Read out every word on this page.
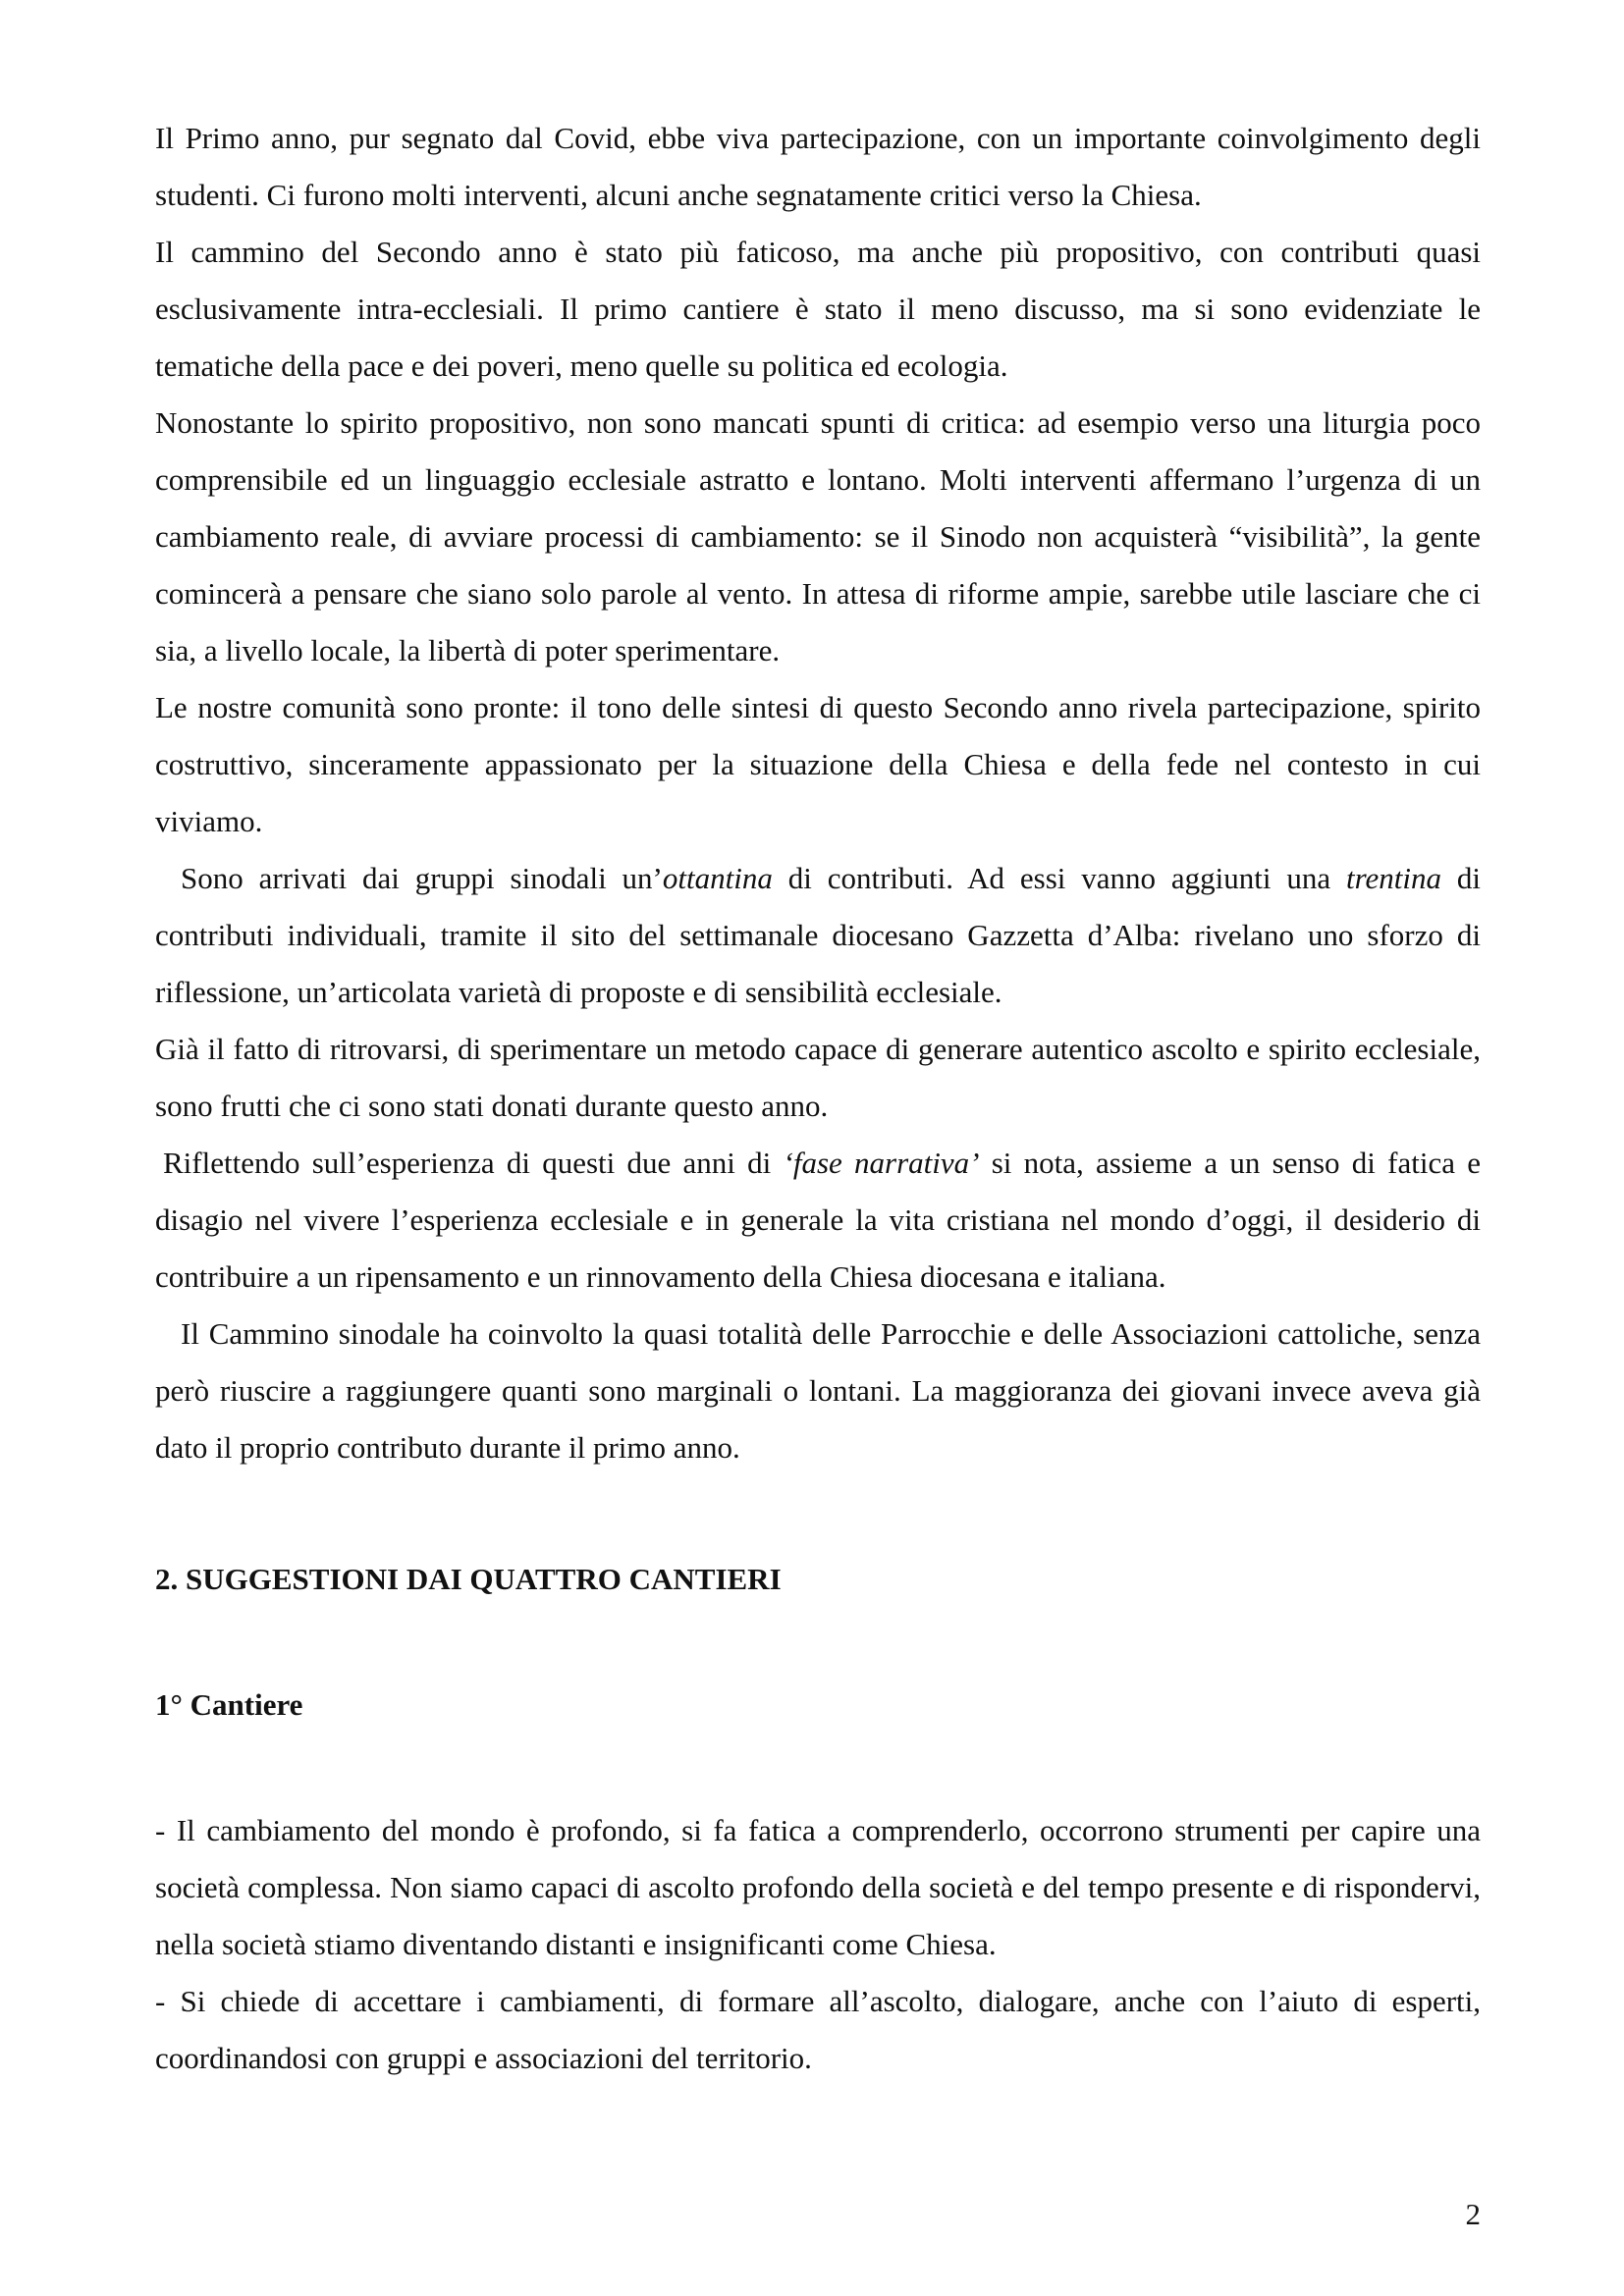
Il Primo anno, pur segnato dal Covid, ebbe viva partecipazione, con un importante coinvolgimento degli studenti. Ci furono molti interventi, alcuni anche segnatamente critici verso la Chiesa.

Il cammino del Secondo anno è stato più faticoso, ma anche più propositivo, con contributi quasi esclusivamente intra-ecclesiali. Il primo cantiere è stato il meno discusso, ma si sono evidenziate le tematiche della pace e dei poveri, meno quelle su politica ed ecologia.

Nonostante lo spirito propositivo, non sono mancati spunti di critica: ad esempio verso una liturgia poco comprensibile ed un linguaggio ecclesiale astratto e lontano. Molti interventi affermano l’urgenza di un cambiamento reale, di avviare processi di cambiamento: se il Sinodo non acquisterà “visibilità”, la gente comincerà a pensare che siano solo parole al vento. In attesa di riforme ampie, sarebbe utile lasciare che ci sia, a livello locale, la libertà di poter sperimentare.

Le nostre comunità sono pronte: il tono delle sintesi di questo Secondo anno rivela partecipazione, spirito costruttivo, sinceramente appassionato per la situazione della Chiesa e della fede nel contesto in cui viviamo.

Sono arrivati dai gruppi sinodali un’ottantina di contributi. Ad essi vanno aggiunti una trentina di contributi individuali, tramite il sito del settimanale diocesano Gazzetta d’Alba: rivelano uno sforzo di riflessione, un’articolata varietà di proposte e di sensibilità ecclesiale.

Già il fatto di ritrovarsi, di sperimentare un metodo capace di generare autentico ascolto e spirito ecclesiale, sono frutti che ci sono stati donati durante questo anno.

Riflettendo sull’esperienza di questi due anni di ‘fase narrativa’ si nota, assieme a un senso di fatica e disagio nel vivere l’esperienza ecclesiale e in generale la vita cristiana nel mondo d’oggi, il desiderio di contribuire a un ripensamento e un rinnovamento della Chiesa diocesana e italiana.

Il Cammino sinodale ha coinvolto la quasi totalità delle Parrocchie e delle Associazioni cattoliche, senza però riuscire a raggiungere quanti sono marginali o lontani. La maggioranza dei giovani invece aveva già dato il proprio contributo durante il primo anno.

2. SUGGESTIONI DAI QUATTRO CANTIERI
1° Cantiere

- Il cambiamento del mondo è profondo, si fa fatica a comprenderlo, occorrono strumenti per capire una società complessa. Non siamo capaci di ascolto profondo della società e del tempo presente e di rispondervi, nella società stiamo diventando distanti e insignificanti come Chiesa.

- Si chiede di accettare i cambiamenti, di formare all’ascolto, dialogare, anche con l’aiuto di esperti, coordinandosi con gruppi e associazioni del territorio.

2
